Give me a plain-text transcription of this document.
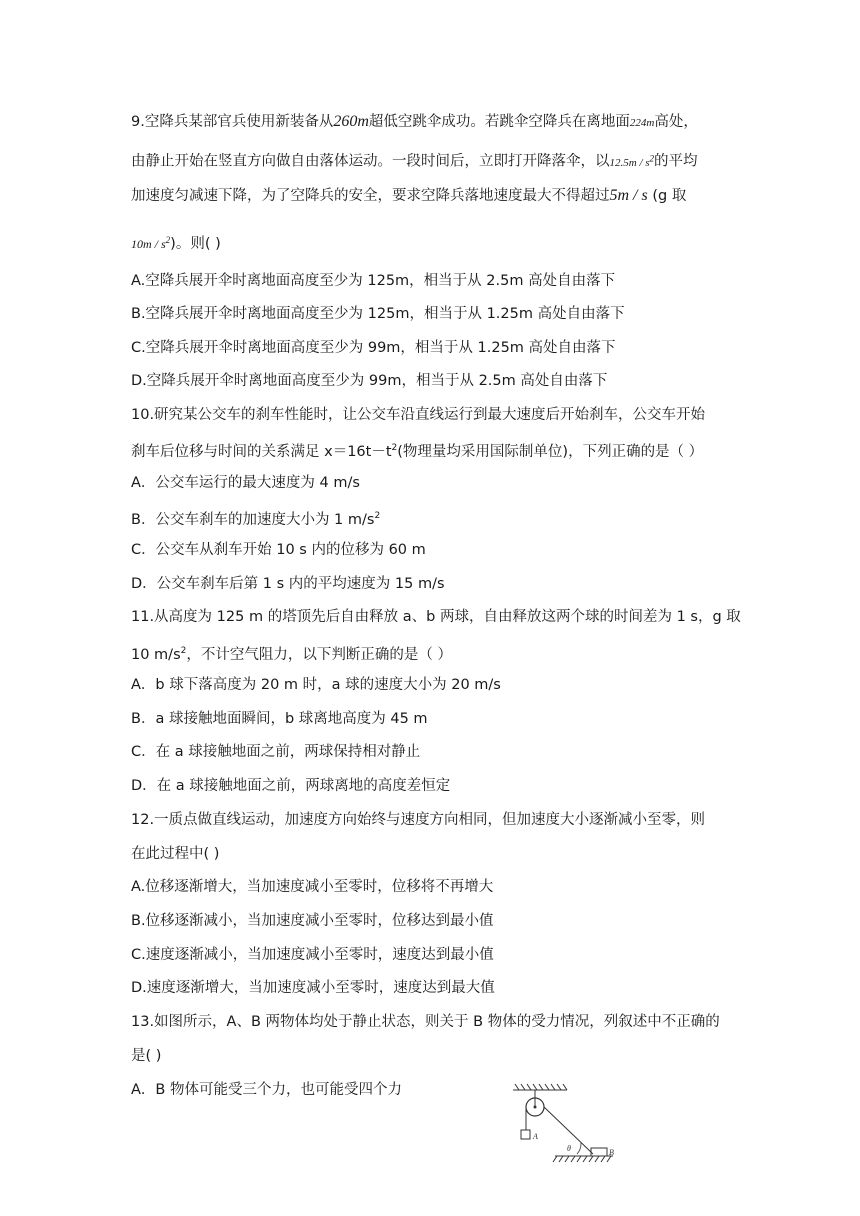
9.空降兵某部官兵使用新装备从260m超低空跳伞成功。若跳伞空降兵在离地面224m高处，
由静止开始在竖直方向做自由落体运动。一段时间后，立即打开降落伞，以$12.5m / s^2$的平均
加速度匀减速下降，为了空降兵的安全，要求空降兵落地速度最大不得超过5m / s (g 取
$10m / s^2$)。则( )
A.空降兵展开伞时离地面高度至少为 125m，相当于从 2.5m 高处自由落下
B.空降兵展开伞时离地面高度至少为 125m，相当于从 1.25m 高处自由落下
C.空降兵展开伞时离地面高度至少为 99m，相当于从 1.25m 高处自由落下
D.空降兵展开伞时离地面高度至少为 99m，相当于从 2.5m 高处自由落下
10.研究某公交车的刹车性能时，让公交车沿直线运行到最大速度后开始刹车，公交车开始
刹车后位移与时间的关系满足 $x=16t-t^2$(物理量均采用国际制单位)，下列正确的是（ ）
A．公交车运行的最大速度为 4 m/s
B．公交车刹车的加速度大小为 1 $m/s^2$
C．公交车从刹车开始 10 s 内的位移为 60 m
D．公交车刹车后第 1 s 内的平均速度为 15 m/s
11.从高度为 125 m 的塔顶先后自由释放 a、b 两球，自由释放这两个球的时间差为 1 s，g 取
10 $m/s^2$，不计空气阻力，以下判断正确的是（ ）
A．b 球下落高度为 20 m 时，a 球的速度大小为 20 m/s
B．a 球接触地面瞬间，b 球离地高度为 45 m
C．在 a 球接触地面之前，两球保持相对静止
D．在 a 球接触地面之前，两球离地的高度差恒定
12.一质点做直线运动，加速度方向始终与速度方向相同，但加速度大小逐渐减小至零，则
在此过程中( )
A.位移逐渐增大，当加速度减小至零时，位移将不再增大
B.位移逐渐减小，当加速度减小至零时，位移达到最小值
C.速度逐渐减小，当加速度减小至零时，速度达到最小值
D.速度逐渐增大，当加速度减小至零时，速度达到最大值
13.如图所示，A、B 两物体均处于静止状态，则关于 B 物体的受力情况，列叙述中不正确的
是( )
A．B 物体可能受三个力，也可能受四个力
A
θ	B
